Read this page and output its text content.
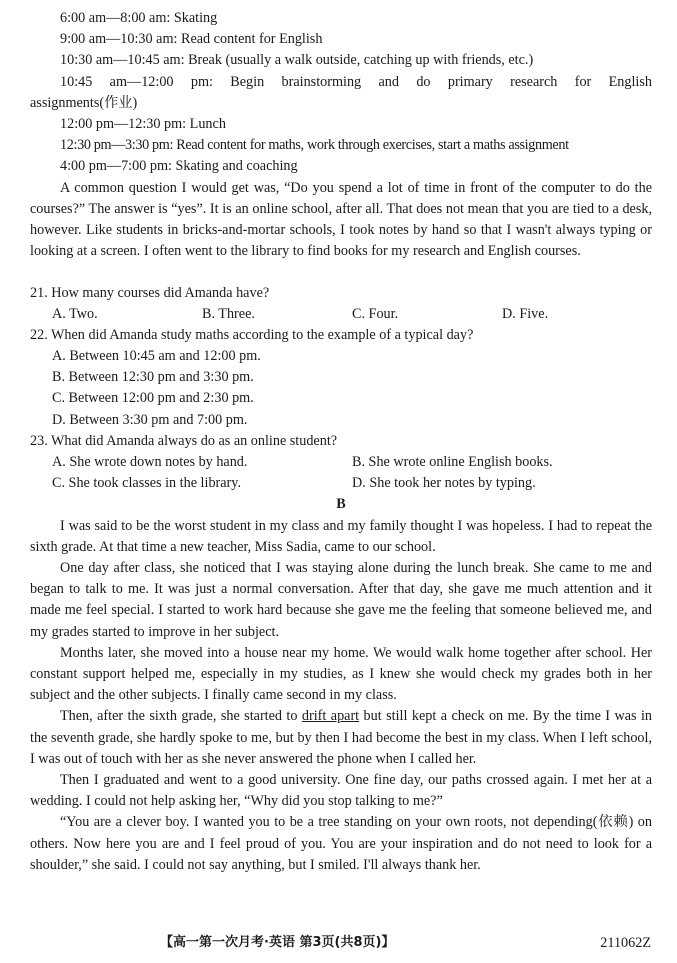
6:00 am—8:00 am: Skating
9:00 am—10:30 am: Read content for English
10:30 am—10:45 am: Break (usually a walk outside, catching up with friends, etc.)
10:45 am—12:00 pm: Begin brainstorming and do primary research for English
assignments(作业)
12:00 pm—12:30 pm: Lunch
12:30 pm—3:30 pm: Read content for maths, work through exercises, start a maths assignment
4:00 pm—7:00 pm: Skating and coaching

A common question I would get was, “Do you spend a lot of time in front of the computer to do the courses?” The answer is “yes”. It is an online school, after all. That does not mean that you are tied to a desk, however. Like students in bricks-and-mortar schools, I took notes by hand so that I wasn't always typing or looking at a screen. I often went to the library to find books for my research and English courses.

21. How many courses did Amanda have?
A. Two.	B. Three.	C. Four.	D. Five.
22. When did Amanda study maths according to the example of a typical day?
A. Between 10:45 am and 12:00 pm.
B. Between 12:30 pm and 3:30 pm.
C. Between 12:00 pm and 2:30 pm.
D. Between 3:30 pm and 7:00 pm.
23. What did Amanda always do as an online student?
A. She wrote down notes by hand.	B. She wrote online English books.
C. She took classes in the library.	D. She took her notes by typing.
B

I was said to be the worst student in my class and my family thought I was hopeless. I had to repeat the sixth grade. At that time a new teacher, Miss Sadia, came to our school.

One day after class, she noticed that I was staying alone during the lunch break. She came to me and began to talk to me. It was just a normal conversation. After that day, she gave me much attention and it made me feel special. I started to work hard because she gave me the feeling that someone believed me, and my grades started to improve in her subject.

Months later, she moved into a house near my home. We would walk home together after school. Her constant support helped me, especially in my studies, as I knew she would check my grades both in her subject and the other subjects. I finally came second in my class.

Then, after the sixth grade, she started to drift apart but still kept a check on me. By the time I was in the seventh grade, she hardly spoke to me, but by then I had become the best in my class. When I left school, I was out of touch with her as she never answered the phone when I called her.

Then I graduated and went to a good university. One fine day, our paths crossed again. I met her at a wedding. I could not help asking her, “Why did you stop talking to me?”

“You are a clever boy. I wanted you to be a tree standing on your own roots, not depending(依赖) on others. Now here you are and I feel proud of you. You are your inspiration and do not need to look for a shoulder,” she said. I could not say anything, but I smiled. I'll always thank her.

【高一第一次月考·英语 第3页(共8页)】	211062Z
